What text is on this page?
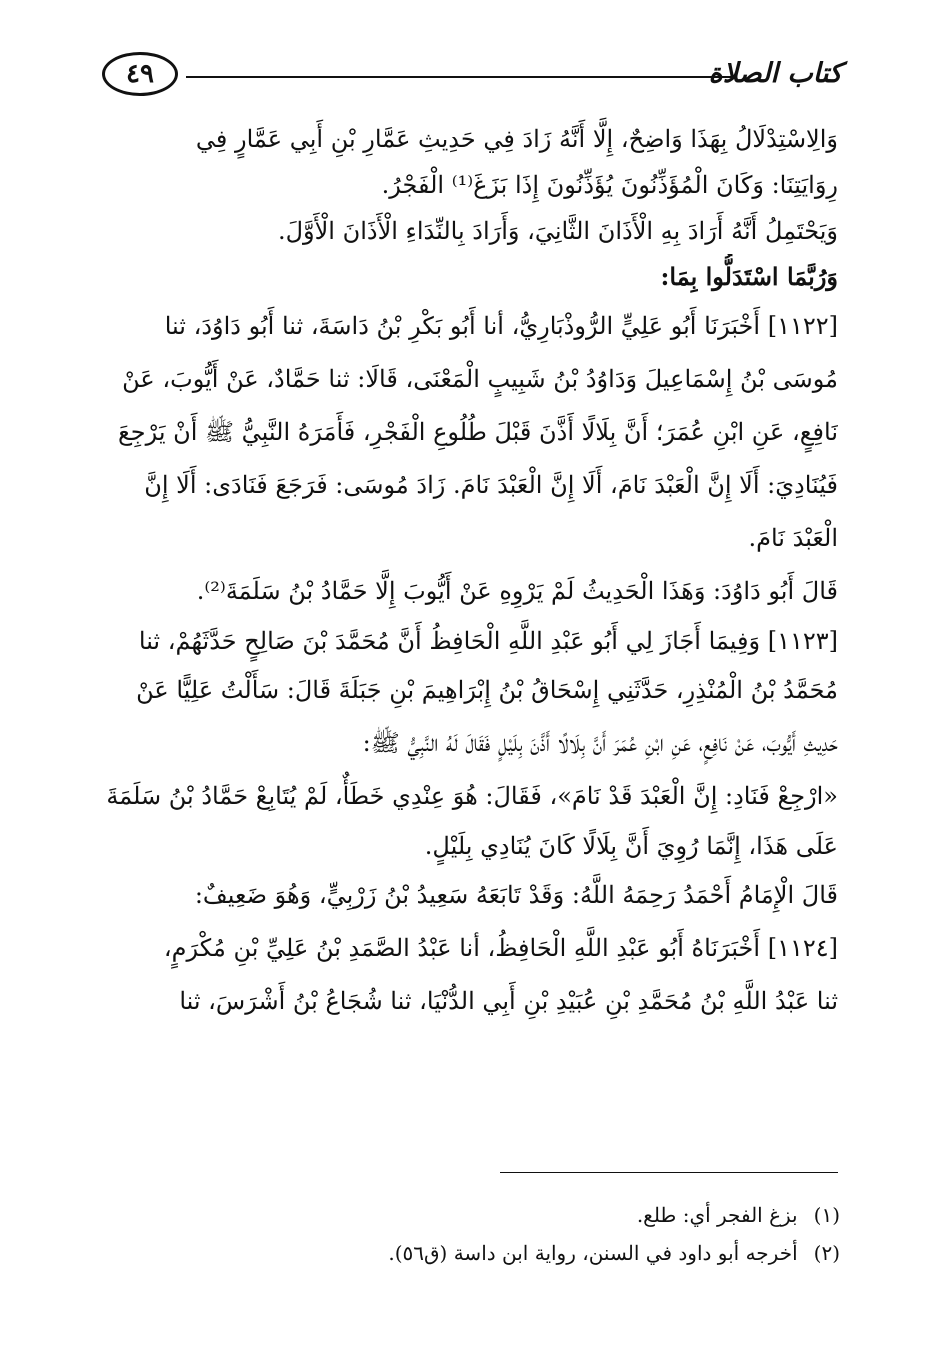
٤٩	كتاب الصلاة
وَالِاسْتِدْلَالُ بِهَذَا وَاضِحٌ، إِلَّا أَنَّهُ زَادَ فِي حَدِيثِ عَمَّارِ بْنِ أَبِي عَمَّارٍ فِي
رِوَايَتِنَا: وَكَانَ الْمُؤَذِّنُونَ يُؤَذِّنُونَ إِذَا بَزَغَ⁽¹⁾ الْفَجْرُ.
وَيَحْتَمِلُ أَنَّهُ أَرَادَ بِهِ الْأَذَانَ الثَّانِيَ، وَأَرَادَ بِالنِّدَاءِ الْأَذَانَ الْأَوَّلَ.
وَرُبَّمَا اسْتَدَلُّوا بِمَا:
[١١٢٢] أَخْبَرَنَا أَبُو عَلِيٍّ الرُّوذْبَارِيُّ، أنا أَبُو بَكْرِ بْنُ دَاسَةَ، ثنا أَبُو دَاوُدَ، ثنا
مُوسَى بْنُ إِسْمَاعِيلَ وَدَاوُدُ بْنُ شَبِيبٍ الْمَعْنَى، قَالَا: ثنا حَمَّادٌ، عَنْ أَيُّوبَ، عَنْ
نَافِعٍ، عَنِ ابْنِ عُمَرَ؛ أَنَّ بِلَالًا أَذَّنَ قَبْلَ طُلُوعِ الْفَجْرِ، فَأَمَرَهُ النَّبِيُّ ﷺ أَنْ يَرْجِعَ
فَيُنَادِيَ: أَلَا إِنَّ الْعَبْدَ نَامَ، أَلَا إِنَّ الْعَبْدَ نَامَ. زَادَ مُوسَى: فَرَجَعَ فَنَادَى: أَلَا إِنَّ
الْعَبْدَ نَامَ.
قَالَ أَبُو دَاوُدَ: وَهَذَا الْحَدِيثُ لَمْ يَرْوِهِ عَنْ أَيُّوبَ إِلَّا حَمَّادُ بْنُ سَلَمَةَ⁽²⁾.
[١١٢٣] وَفِيمَا أَجَازَ لِي أَبُو عَبْدِ اللَّهِ الْحَافِظُ أَنَّ مُحَمَّدَ بْنَ صَالِحٍ حَدَّثَهُمْ، ثنا
مُحَمَّدُ بْنُ الْمُنْذِرِ، حَدَّثَنِي إِسْحَاقُ بْنُ إِبْرَاهِيمَ بْنِ جَبَلَةَ قَالَ: سَأَلْتُ عَلِيًّا عَنْ
حَدِيثِ أَيُّوبَ، عَنْ نَافِعٍ، عَنِ ابْنِ عُمَرَ أَنَّ بِلَالًا أَذَّنَ بِلَيْلٍ فَقَالَ لَهُ النَّبِيُّ ﷺ:
«ارْجِعْ فَنَادِ: إِنَّ الْعَبْدَ قَدْ نَامَ»، فَقَالَ: هُوَ عِنْدِي خَطَأٌ، لَمْ يُتَابِعْ حَمَّادُ بْنُ سَلَمَةَ
عَلَى هَذَا، إِنَّمَا رُوِيَ أَنَّ بِلَالًا كَانَ يُنَادِي بِلَيْلٍ.
قَالَ الْإِمَامُ أَحْمَدُ رَحِمَهُ اللَّهُ: وَقَدْ تَابَعَهُ سَعِيدُ بْنُ زَرْبِيٍّ، وَهُوَ ضَعِيفٌ:
[١١٢٤] أَخْبَرَنَاهُ أَبُو عَبْدِ اللَّهِ الْحَافِظُ، أنا عَبْدُ الصَّمَدِ بْنُ عَلِيِّ بْنِ مُكْرَمٍ،
ثنا عَبْدُ اللَّهِ بْنُ مُحَمَّدِ بْنِ عُبَيْدِ بْنِ أَبِي الدُّنْيَا، ثنا شُجَاعُ بْنُ أَشْرَسَ، ثنا
(١)بزغ الفجر أي: طلع.
(٢)أخرجه أبو داود في السنن، رواية ابن داسة (ق٥٦).
